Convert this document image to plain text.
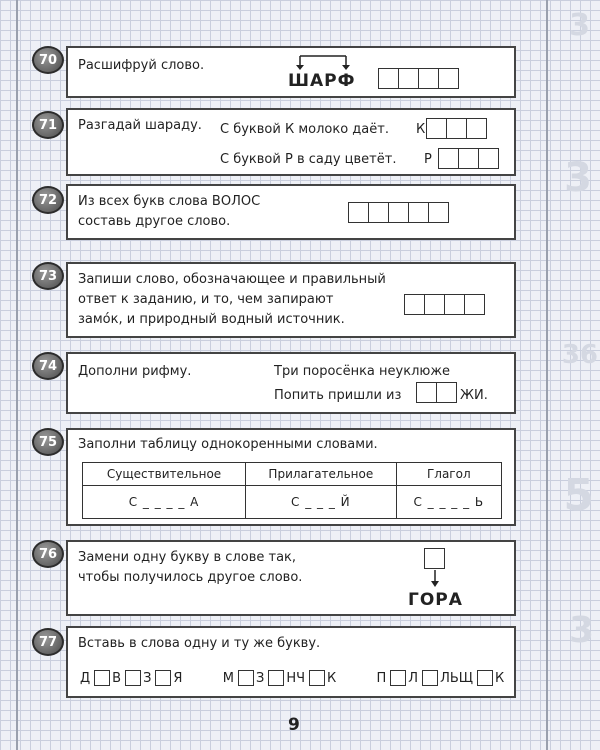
3
3
36
5
3
70	Расшифруй слово.
ШАРФ
71	Разгадай шараду. С буквой К молоко даёт. К
С буквой Р в саду цветёт. Р
72	Из всех букв слова ВОЛОС
составь другое слово.
73	Запиши слово, обозначающее и правильный
ответ к заданию, и то, чем запирают
замо́к, и природный водный источник.
74	Дополни рифму.	Три поросёнка неуклюже
Попить пришли из	ЖИ.
75	Заполни таблицу однокоренными словами.
Существительное	Прилагательное	Глагол
С _ _ _ _ А	С _ _ _ Й	С _ _ _ _ Ь
76	Замени одну букву в слове так,
чтобы получилось другое слово.
ГОРА
77	Вставь в слова одну и ту же букву.
Д В З Я	М З НЧ К	П Л ЛЬЩ К
9
